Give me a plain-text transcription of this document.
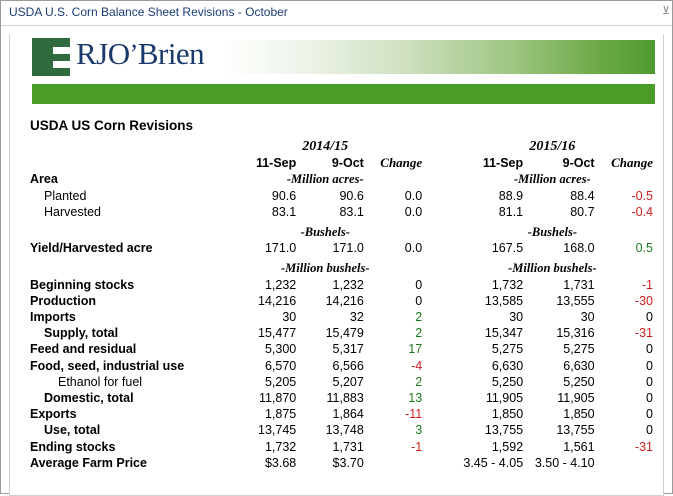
USDA U.S. Corn Balance Sheet Revisions - October	⊻
RJO’Brien
USDA US Corn Revisions
	2014/15				2015/16		
	11-Sep	9-Oct	Change		11-Sep	9-Oct	Change
Area	-Million acres-				-Million acres-		
Planted	90.6	90.6	0.0		88.9	88.4	-0.5
Harvested	83.1	83.1	0.0		81.1	80.7	-0.4

	-Bushels-				-Bushels-		
Yield/Harvested acre	171.0	171.0	0.0		167.5	168.0	0.5

	-Million bushels-				-Million bushels-		
Beginning stocks	1,232	1,232	0		1,732	1,731	-1
Production	14,216	14,216	0		13,585	13,555	-30
Imports	30	32	2		30	30	0
Supply, total	15,477	15,479	2		15,347	15,316	-31
Feed and residual	5,300	5,317	17		5,275	5,275	0
Food, seed, industrial use	6,570	6,566	-4		6,630	6,630	0
Ethanol for fuel	5,205	5,207	2		5,250	5,250	0
Domestic, total	11,870	11,883	13		11,905	11,905	0
Exports	1,875	1,864	-11		1,850	1,850	0
Use, total	13,745	13,748	3		13,755	13,755	0
Ending stocks	1,732	1,731	-1		1,592	1,561	-31
Average Farm Price	$3.68	$3.70			3.45 - 4.05	3.50 - 4.10	
